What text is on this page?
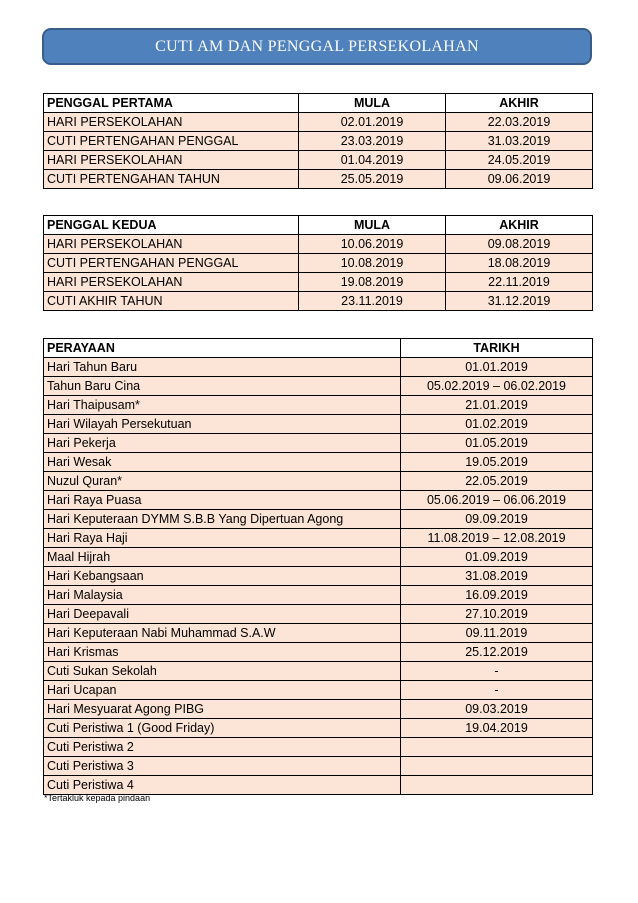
CUTI AM DAN PENGGAL PERSEKOLAHAN
PENGGAL PERTAMA	MULA	AKHIR
HARI PERSEKOLAHAN	02.01.2019	22.03.2019
CUTI PERTENGAHAN PENGGAL	23.03.2019	31.03.2019
HARI PERSEKOLAHAN	01.04.2019	24.05.2019
CUTI PERTENGAHAN TAHUN	25.05.2019	09.06.2019
PENGGAL KEDUA	MULA	AKHIR
HARI PERSEKOLAHAN	10.06.2019	09.08.2019
CUTI PERTENGAHAN PENGGAL	10.08.2019	18.08.2019
HARI PERSEKOLAHAN	19.08.2019	22.11.2019
CUTI AKHIR TAHUN	23.11.2019	31.12.2019
PERAYAAN	TARIKH
Hari Tahun Baru	01.01.2019
Tahun Baru Cina	05.02.2019 – 06.02.2019
Hari Thaipusam*	21.01.2019
Hari Wilayah Persekutuan	01.02.2019
Hari Pekerja	01.05.2019
Hari Wesak	19.05.2019
Nuzul Quran*	22.05.2019
Hari Raya Puasa	05.06.2019 – 06.06.2019
Hari Keputeraan DYMM S.B.B Yang Dipertuan Agong	09.09.2019
Hari Raya Haji	11.08.2019 – 12.08.2019
Maal Hijrah	01.09.2019
Hari Kebangsaan	31.08.2019
Hari Malaysia	16.09.2019
Hari Deepavali	27.10.2019
Hari Keputeraan Nabi Muhammad S.A.W	09.11.2019
Hari Krismas	25.12.2019
Cuti Sukan Sekolah	-
Hari Ucapan	-
Hari Mesyuarat Agong PIBG	09.03.2019
Cuti Peristiwa 1 (Good Friday)	19.04.2019
Cuti Peristiwa 2	
Cuti Peristiwa 3	
Cuti Peristiwa 4	
*Tertakluk kepada pindaan
